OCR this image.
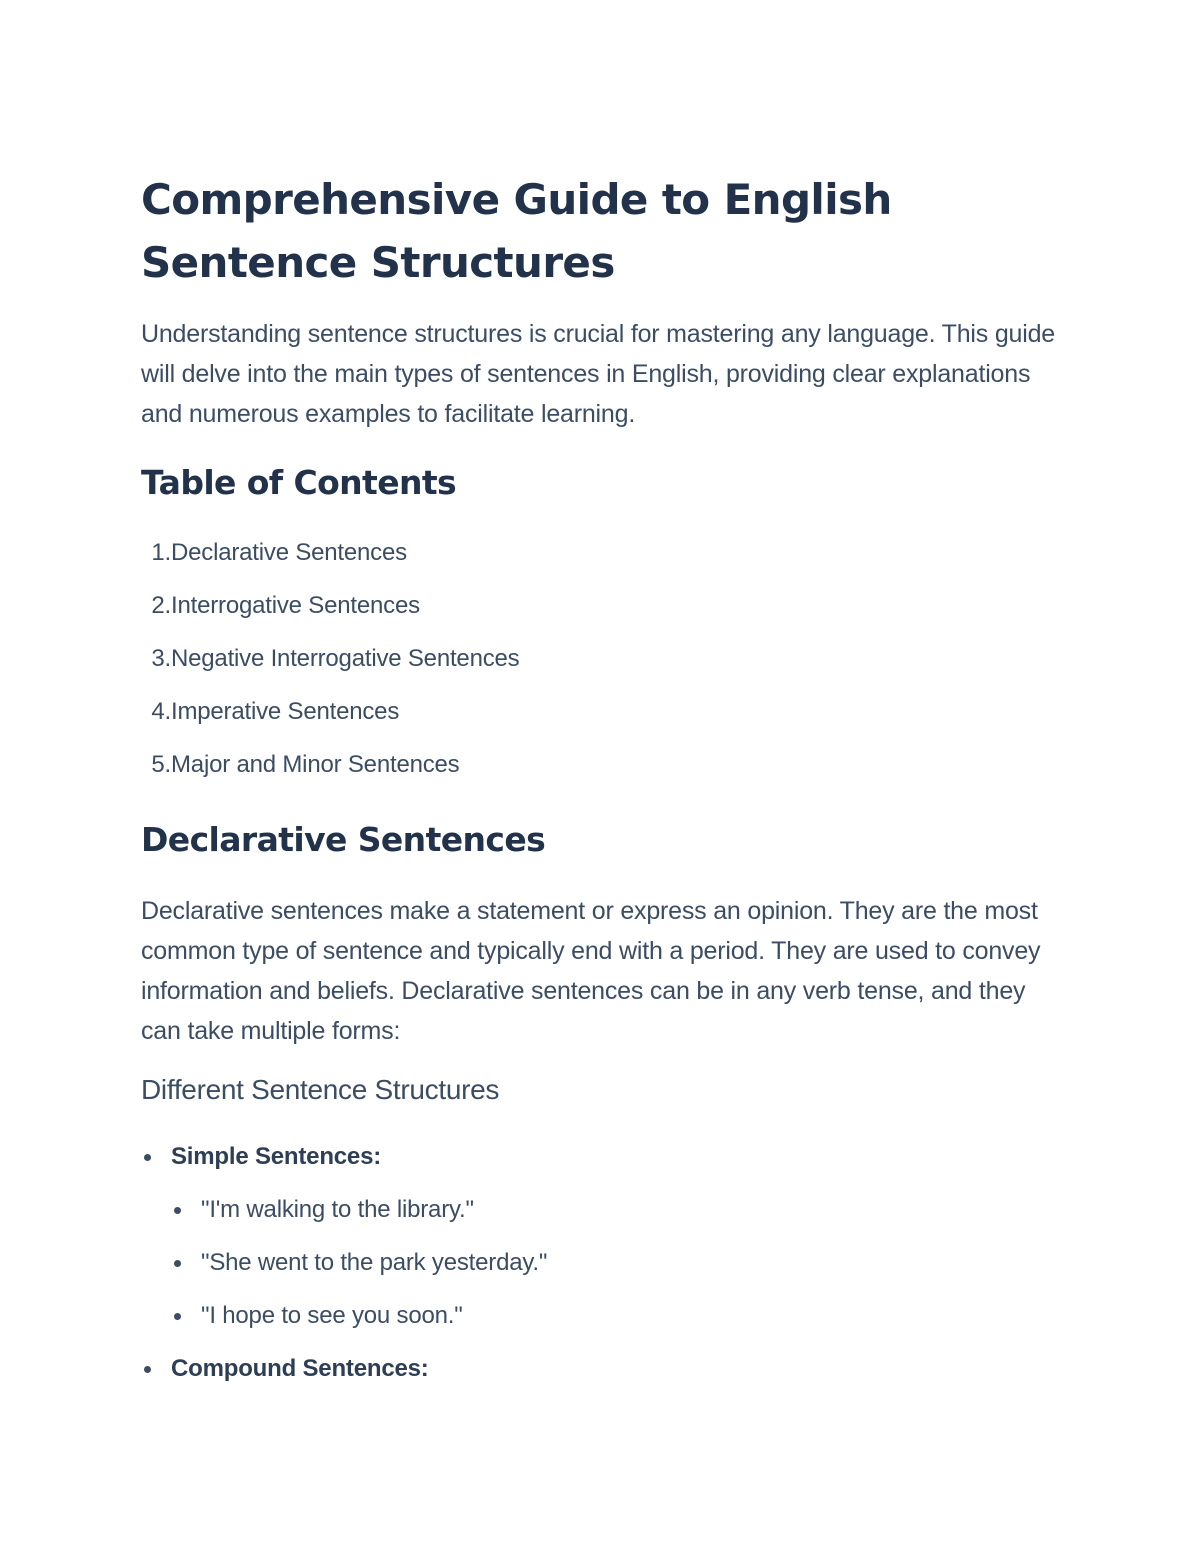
Comprehensive Guide to English
Sentence Structures

Understanding sentence structures is crucial for mastering any language. This guide will delve into the main types of sentences in English, providing clear explanations and numerous examples to facilitate learning.

Table of Contents
1. Declarative Sentences
2. Interrogative Sentences
3. Negative Interrogative Sentences
4. Imperative Sentences
5. Major and Minor Sentences
Declarative Sentences

Declarative sentences make a statement or express an opinion. They are the most common type of sentence and typically end with a period. They are used to convey information and beliefs. Declarative sentences can be in any verb tense, and they can take multiple forms:

Different Sentence Structures
Simple Sentences:
"I'm walking to the library."
"She went to the park yesterday."
"I hope to see you soon."
Compound Sentences:
